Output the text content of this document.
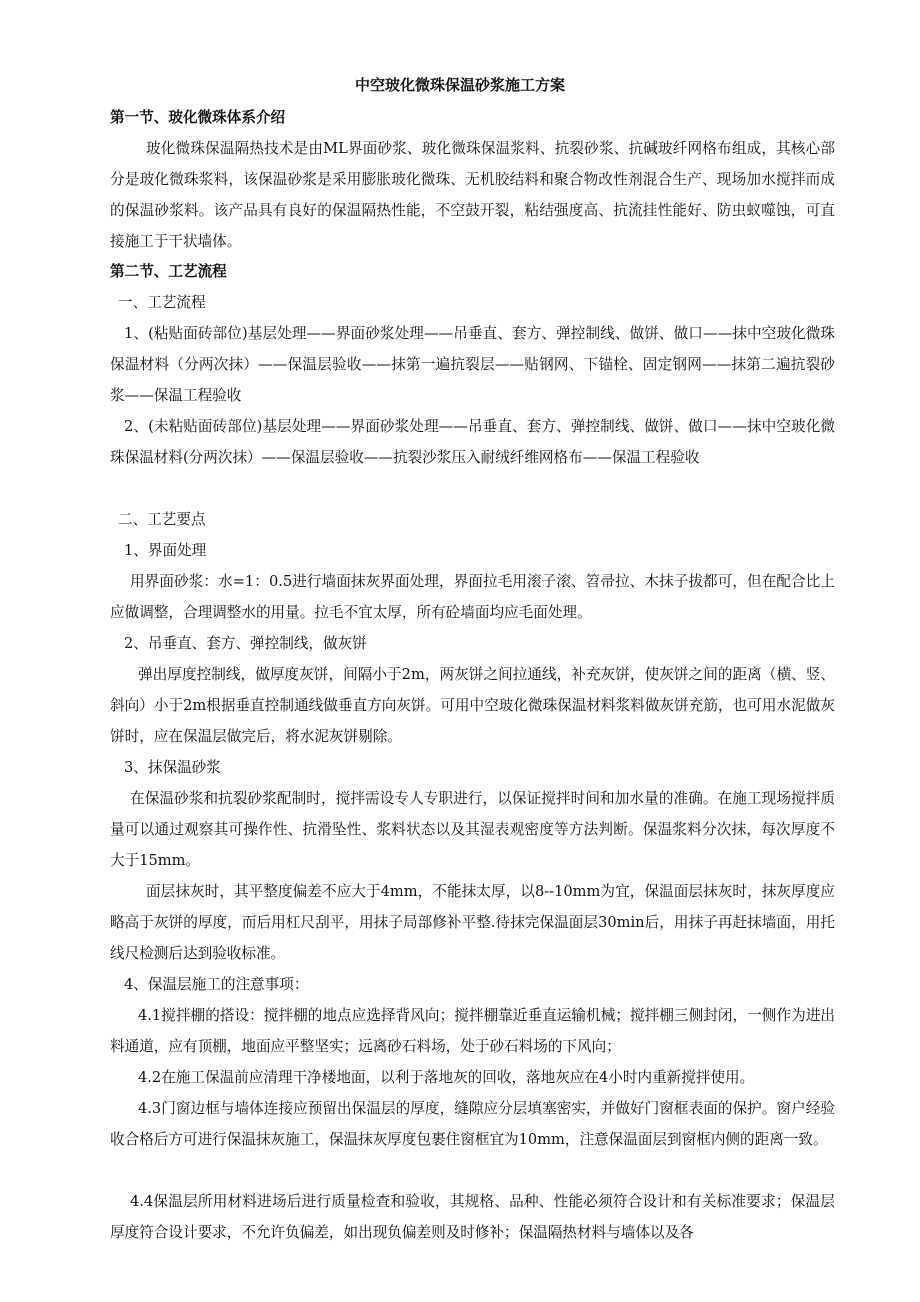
中空玻化微珠保温砂浆施工方案
第一节、玻化微珠体系介绍
玻化微珠保温隔热技术是由ML界面砂浆、玻化微珠保温浆料、抗裂砂浆、抗碱玻纤网格布组成，其核心部分是玻化微珠浆料，该保温砂浆是采用膨胀玻化微珠、无机胶结料和聚合物改性剂混合生产、现场加水搅拌而成的保温砂浆料。该产品具有良好的保温隔热性能，不空鼓开裂，粘结强度高、抗流挂性能好、防虫蚁噬蚀，可直接施工于干状墙体。
第二节、工艺流程
一、工艺流程
1、(粘贴面砖部位)基层处理——界面砂浆处理——吊垂直、套方、弹控制线、做饼、做口——抹中空玻化微珠保温材料（分两次抹）——保温层验收——抹第一遍抗裂层——贴钢网、下锚栓、固定钢网——抹第二遍抗裂砂浆——保温工程验收
2、(未粘贴面砖部位)基层处理——界面砂浆处理——吊垂直、套方、弹控制线、做饼、做口——抹中空玻化微珠保温材料(分两次抹）——保温层验收——抗裂沙浆压入耐绒纤维网格布——保温工程验收
二、工艺要点
1、界面处理
用界面砂浆：水=1：0.5进行墙面抹灰界面处理，界面拉毛用滚子滚、笤帚拉、木抹子拔都可，但在配合比上应做调整，合理调整水的用量。拉毛不宜太厚，所有砼墙面均应毛面处理。
2、吊垂直、套方、弹控制线，做灰饼
弹出厚度控制线，做厚度灰饼，间隔小于2m，两灰饼之间拉通线，补充灰饼，使灰饼之间的距离（横、竖、斜向）小于2m根据垂直控制通线做垂直方向灰饼。可用中空玻化微珠保温材料浆料做灰饼充筋，也可用水泥做灰饼时，应在保温层做完后，将水泥灰饼剔除。
3、抹保温砂浆
在保温砂浆和抗裂砂浆配制时，搅拌需设专人专职进行，以保证搅拌时间和加水量的准确。在施工现场搅拌质量可以通过观察其可操作性、抗滑坠性、浆料状态以及其湿表观密度等方法判断。保温浆料分次抹，每次厚度不大于15mm。
面层抹灰时，其平整度偏差不应大于4mm，不能抹太厚，以8--10mm为宜，保温面层抹灰时，抹灰厚度应略高于灰饼的厚度，而后用杠尺刮平，用抹子局部修补平整.待抹完保温面层30min后，用抹子再赶抹墙面，用托线尺检测后达到验收标准。
4、保温层施工的注意事项：
4.1搅拌棚的搭设：搅拌棚的地点应选择背风向；搅拌棚靠近垂直运输机械；搅拌棚三侧封闭，一侧作为进出料通道，应有顶棚，地面应平整坚实；远离砂石料场，处于砂石料场的下风向；
4.2在施工保温前应清理干净楼地面，以利于落地灰的回收，落地灰应在4小时内重新搅拌使用。
4.3门窗边框与墙体连接应预留出保温层的厚度，缝隙应分层填塞密实，并做好门窗框表面的保护。窗户经验收合格后方可进行保温抹灰施工，保温抹灰厚度包裹住窗框宜为10mm，注意保温面层到窗框内侧的距离一致。
4.4保温层所用材料进场后进行质量检查和验收，其规格、品种、性能必须符合设计和有关标准要求；保温层厚度符合设计要求，不允许负偏差，如出现负偏差则及时修补；保温隔热材料与墙体以及各
